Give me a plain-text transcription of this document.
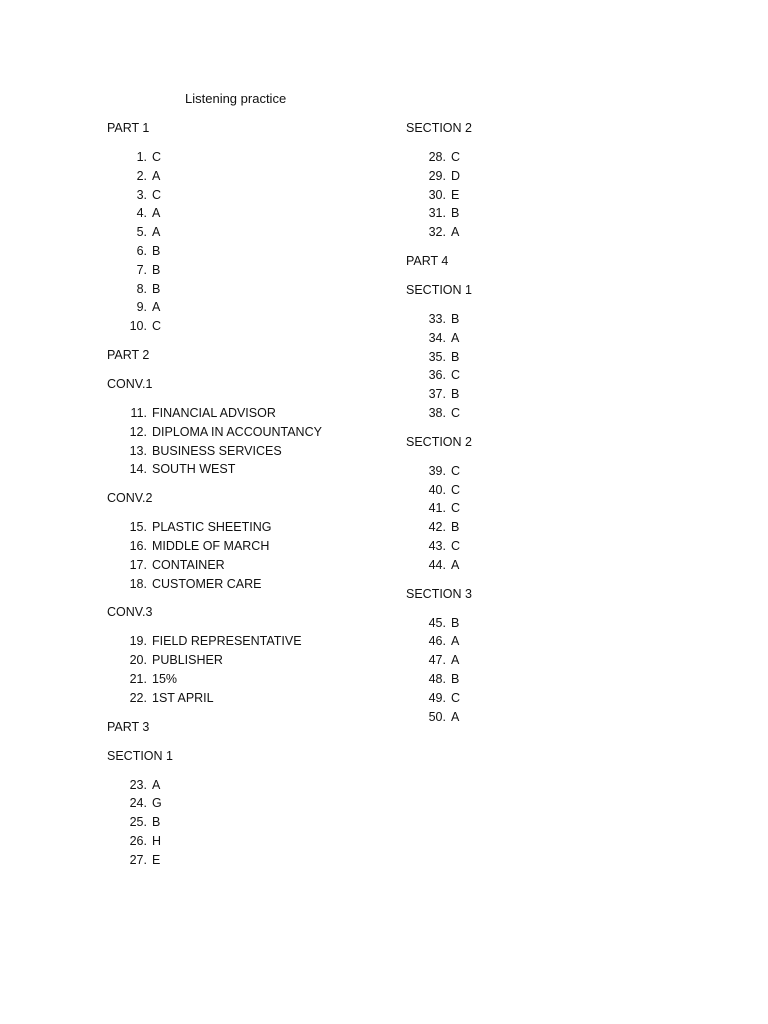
Listening practice
PART 1
1. C
2. A
3. C
4. A
5. A
6. B
7. B
8. B
9. A
10. C
PART 2
CONV.1
11. FINANCIAL ADVISOR
12. DIPLOMA IN ACCOUNTANCY
13. BUSINESS SERVICES
14. SOUTH WEST
CONV.2
15. PLASTIC SHEETING
16. MIDDLE OF MARCH
17. CONTAINER
18. CUSTOMER CARE
CONV.3
19. FIELD REPRESENTATIVE
20. PUBLISHER
21. 15%
22. 1ST APRIL
PART 3
SECTION 1
23. A
24. G
25. B
26. H
27. E
SECTION 2
28. C
29. D
30. E
31. B
32. A
PART 4
SECTION 1
33. B
34. A
35. B
36. C
37. B
38. C
SECTION 2
39. C
40. C
41. C
42. B
43. C
44. A
SECTION 3
45. B
46. A
47. A
48. B
49. C
50. A
